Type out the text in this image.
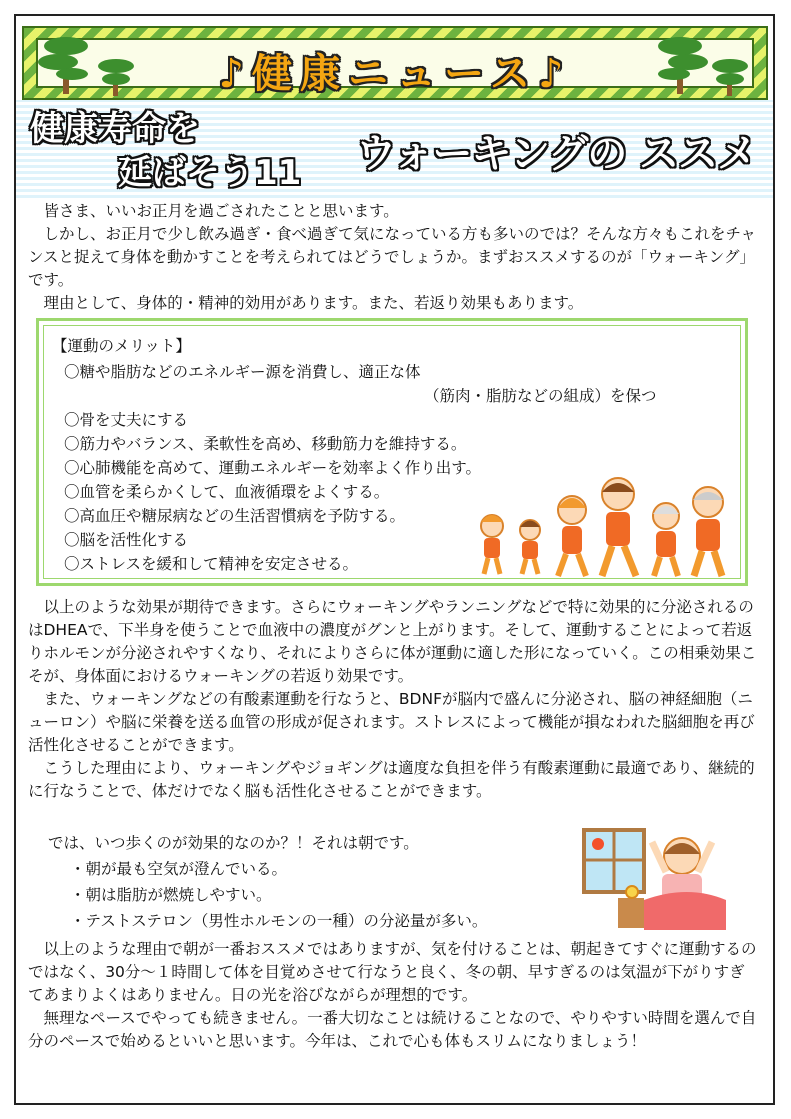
♪健康ニュース♪
健康寿命を
延ばそう11 ウォーキングの ススメ
皆さま、いいお正月を過ごされたことと思います。
しかし、お正月で少し飲み過ぎ・食べ過ぎて気になっている方も多いのでは？そんな方々もこれをチャンスと捉えて身体を動かすことを考えられてはどうでしょうか。まずおススメするのが「ウォーキング」です。
理由として、身体的・精神的効用があります。また、若返り効果もあります。
【運動のメリット】
〇糖や脂肪などのエネルギー源を消費し、適正な体
（筋肉・脂肪などの組成）を保つ
〇骨を丈夫にする
〇筋力やバランス、柔軟性を高め、移動筋力を維持する。
〇心肺機能を高めて、運動エネルギーを効率よく作り出す。
〇血管を柔らかくして、血液循環をよくする。
〇高血圧や糖尿病などの生活習慣病を予防する。
〇脳を活性化する
〇ストレスを緩和して精神を安定させる。
以上のような効果が期待できます。さらにウォーキングやランニングなどで特に効果的に分泌されるのはDHEAで、下半身を使うことで血液中の濃度がグンと上がります。そして、運動することによって若返りホルモンが分泌されやすくなり、それによりさらに体が運動に適した形になっていく。この相乗効果こそが、身体面におけるウォーキングの若返り効果です。
また、ウォーキングなどの有酸素運動を行なうと、BDNFが脳内で盛んに分泌され、脳の神経細胞（ニューロン）や脳に栄養を送る血管の形成が促されます。ストレスによって機能が損なわれた脳細胞を再び活性化させることができます。
こうした理由により、ウォーキングやジョギングは適度な負担を伴う有酸素運動に最適であり、継続的に行なうことで、体だけでなく脳も活性化させることができます。
では、いつ歩くのが効果的なのか？！それは朝です。
・朝が最も空気が澄んでいる。
・朝は脂肪が燃焼しやすい。
・テストステロン（男性ホルモンの一種）の分泌量が多い。
以上のような理由で朝が一番おススメではありますが、気を付けることは、朝起きてすぐに運動するのではなく、30分～１時間して体を目覚めさせて行なうと良く、冬の朝、早すぎるのは気温が下がりすぎてあまりよくはありません。日の光を浴びながらが理想的です。
無理なペースでやっても続きません。一番大切なことは続けることなので、やりやすい時間を選んで自分のペースで始めるといいと思います。今年は、これで心も体もスリムになりましょう！
